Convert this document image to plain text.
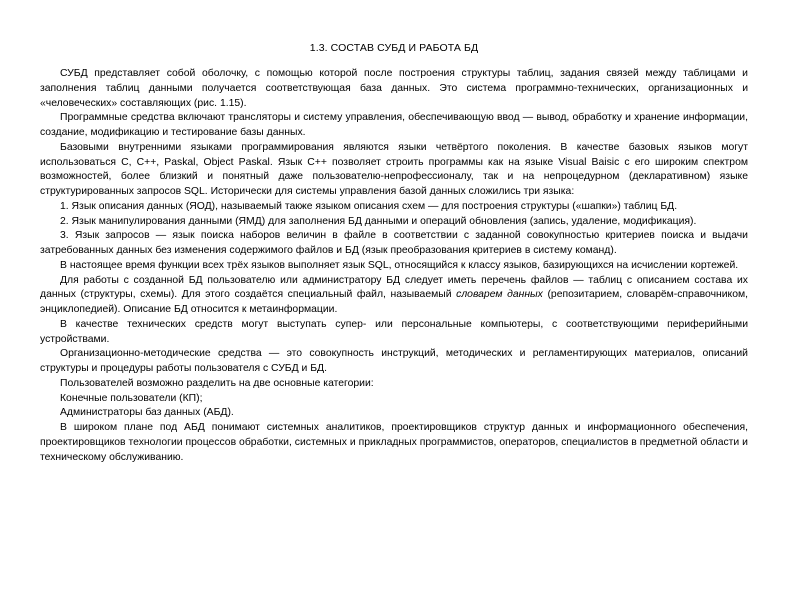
1.3. СОСТАВ СУБД И РАБОТА БД

СУБД представляет собой оболочку, с помощью которой после построения структуры таблиц, задания связей между таблицами и заполнения таблиц данными получается соответствующая база данных. Это система программно-технических, организационных и «человеческих» составляющих (рис. 1.15).

Программные средства включают трансляторы и систему управления, обеспечивающую ввод — вывод, обработку и хранение информации, создание, модификацию и тестирование базы данных.

Базовыми внутренними языками программирования являются языки четвёртого поколения. В качестве базовых языков могут использоваться С, С++, Paskal, Object Paskal. Язык С++ позволяет строить программы как на языке Visual Baisic с его широким спектром возможностей, более близкий и понятный даже пользователю-непрофессионалу, так и на непроцедурном (декларативном) языке структурированных запросов SQL. Исторически для системы управления базой данных сложились три языка:

1. Язык описания данных (ЯОД), называемый также языком описания схем — для построения структуры («шапки») таблиц БД.

2. Язык манипулирования данными (ЯМД) для заполнения БД данными и операций обновления (запись, удаление, модификация).

3. Язык запросов — язык поиска наборов величин в файле в соответствии с заданной совокупностью критериев поиска и выдачи затребованных данных без изменения содержимого файлов и БД (язык преобразования критериев в систему команд).

В настоящее время функции всех трёх языков выполняет язык SQL, относящийся к классу языков, базирующихся на исчислении кортежей.

Для работы с созданной БД пользователю или администратору БД следует иметь перечень файлов — таблиц с описанием состава их данных (структуры, схемы). Для этого создаётся специальный файл, называемый словарем данных (репозитарием, словарём-справочником, энциклопедией). Описание БД относится к метаинформации.

В качестве технических средств могут выступать супер- или персональные компьютеры, с соответствующими периферийными устройствами.

Организационно-методические средства — это совокупность инструкций, методических и регламентирующих материалов, описаний структуры и процедуры работы пользователя с СУБД и БД.

Пользователей возможно разделить на две основные категории:

Конечные пользователи (КП);

Администраторы баз данных (АБД).

В широком плане под АБД понимают системных аналитиков, проектировщиков структур данных и информационного обеспечения, проектировщиков технологии процессов обработки, системных и прикладных программистов, операторов, специалистов в предметной области и техническому обслуживанию.
